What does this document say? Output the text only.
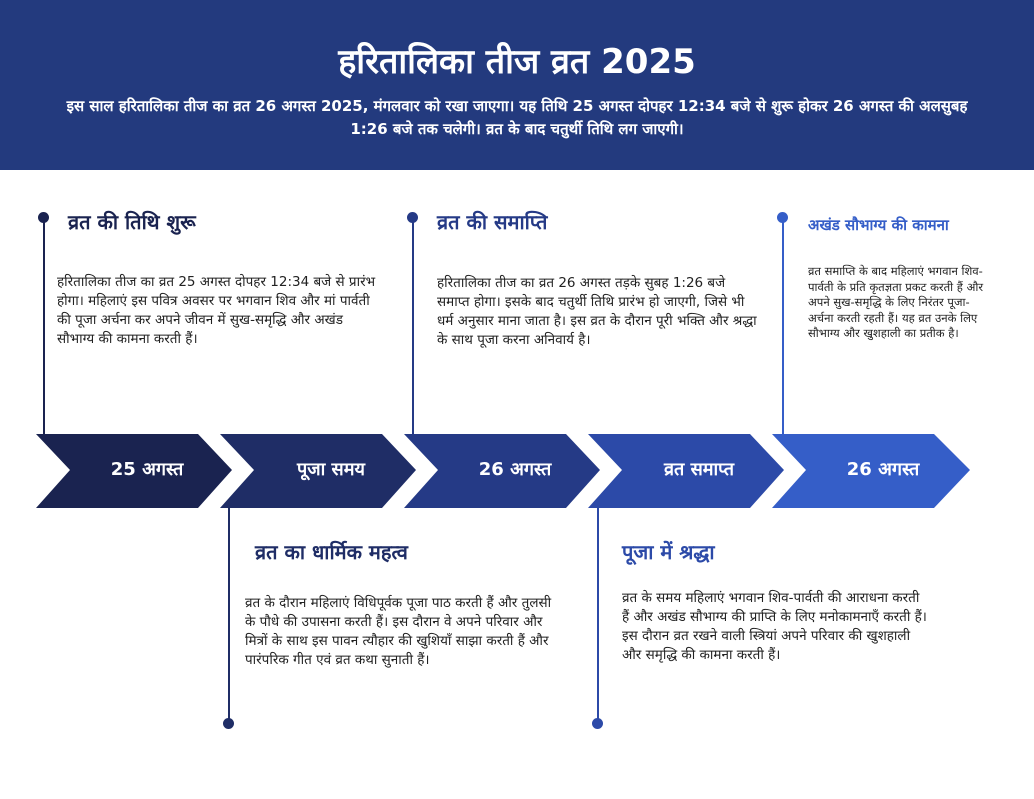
हरितालिका तीज व्रत 2025

इस साल हरितालिका तीज का व्रत 26 अगस्त 2025, मंगलवार को रखा जाएगा। यह तिथि 25 अगस्त दोपहर 12:34 बजे से शुरू होकर 26 अगस्त की अलसुबह 1:26 बजे तक चलेगी। व्रत के बाद चतुर्थी तिथि लग जाएगी।

व्रत की तिथि शुरू
हरितालिका तीज का व्रत 25 अगस्त दोपहर 12:34 बजे से प्रारंभ होगा। महिलाएं इस पवित्र अवसर पर भगवान शिव और मां पार्वती की पूजा अर्चना कर अपने जीवन में सुख-समृद्धि और अखंड सौभाग्य की कामना करती हैं।
व्रत का धार्मिक महत्व
व्रत के दौरान महिलाएं विधिपूर्वक पूजा पाठ करती हैं और तुलसी के पौधे की उपासना करती हैं। इस दौरान वे अपने परिवार और मित्रों के साथ इस पावन त्यौहार की खुशियाँ साझा करती हैं और पारंपरिक गीत एवं व्रत कथा सुनाती हैं।
व्रत की समाप्ति
हरितालिका तीज का व्रत 26 अगस्त तड़के सुबह 1:26 बजे समाप्त होगा। इसके बाद चतुर्थी तिथि प्रारंभ हो जाएगी, जिसे भी धर्म अनुसार माना जाता है। इस व्रत के दौरान पूरी भक्ति और श्रद्धा के साथ पूजा करना अनिवार्य है।
पूजा में श्रद्धा
व्रत के समय महिलाएं भगवान शिव-पार्वती की आराधना करती हैं और अखंड सौभाग्य की प्राप्ति के लिए मनोकामनाएँ करती हैं। इस दौरान व्रत रखने वाली स्त्रियां अपने परिवार की खुशहाली और समृद्धि की कामना करती हैं।
अखंड सौभाग्य की कामना
व्रत समाप्ति के बाद महिलाएं भगवान शिव-पार्वती के प्रति कृतज्ञता प्रकट करती हैं और अपने सुख-समृद्धि के लिए निरंतर पूजा-अर्चना करती रहती हैं। यह व्रत उनके लिए सौभाग्य और खुशहाली का प्रतीक है।
25 अगस्त	पूजा समय	26 अगस्त	व्रत समाप्त	26 अगस्त
